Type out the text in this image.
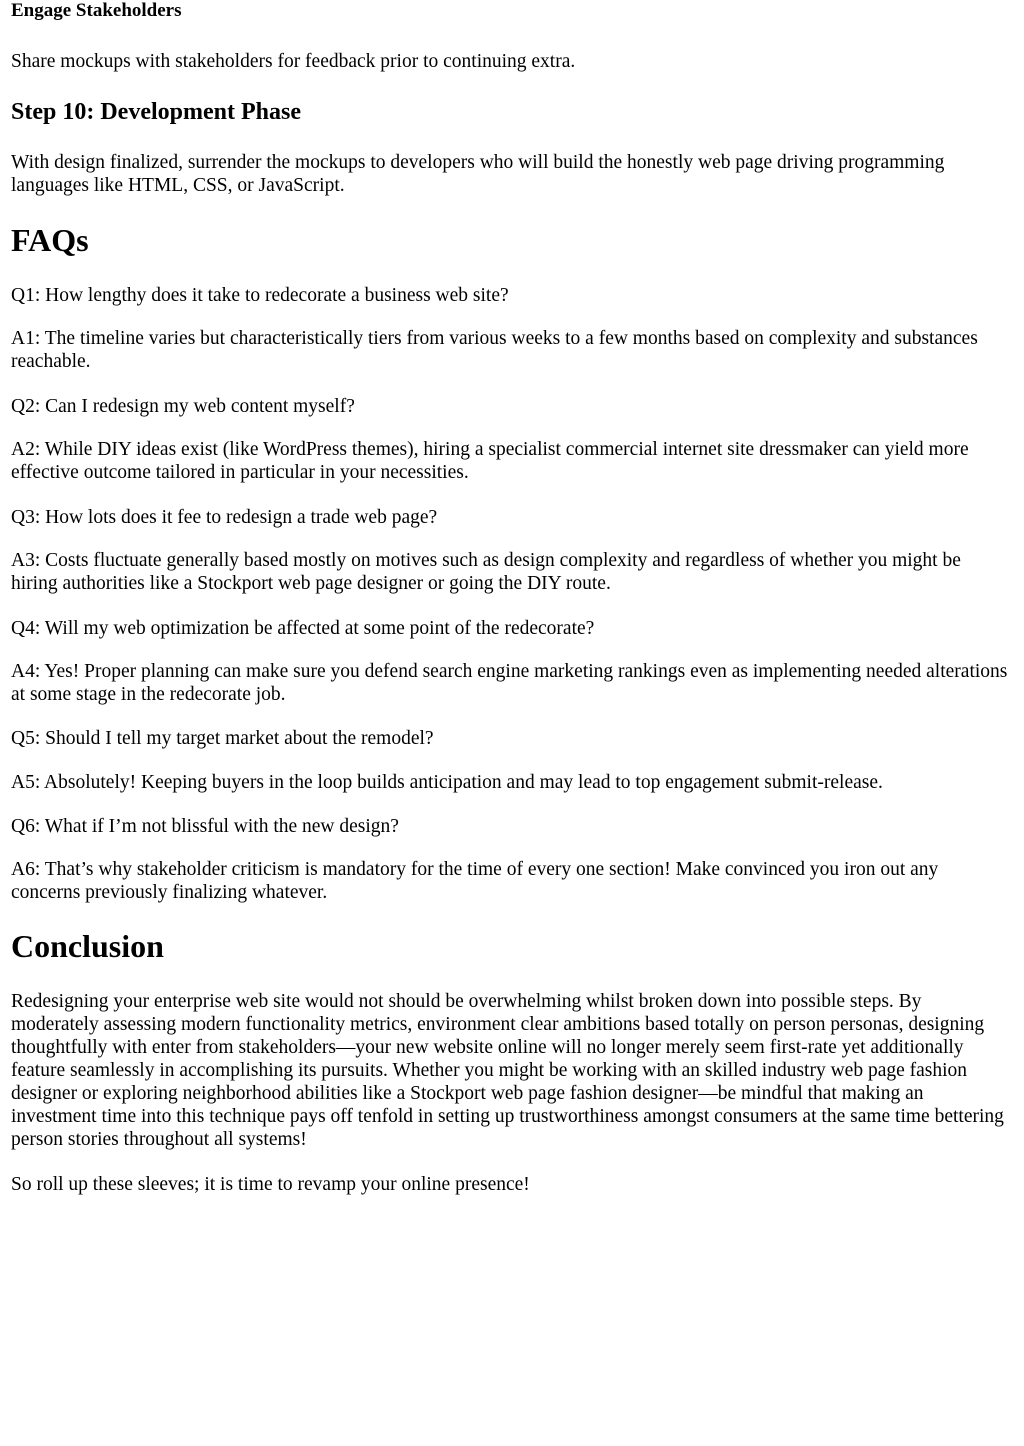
Engage Stakeholders

Share mockups with stakeholders for feedback prior to continuing extra.

Step 10: Development Phase

With design finalized, surrender the mockups to developers who will build the honestly web page driving programming languages like HTML, CSS, or JavaScript.

FAQs

Q1: How lengthy does it take to redecorate a business web site?

A1: The timeline varies but characteristically tiers from various weeks to a few months based on complexity and substances reachable.

Q2: Can I redesign my web content myself?

A2: While DIY ideas exist (like WordPress themes), hiring a specialist commercial internet site dressmaker can yield more effective outcome tailored in particular in your necessities.

Q3: How lots does it fee to redesign a trade web page?

A3: Costs fluctuate generally based mostly on motives such as design complexity and regardless of whether you might be hiring authorities like a Stockport web page designer or going the DIY route.

Q4: Will my web optimization be affected at some point of the redecorate?

A4: Yes! Proper planning can make sure you defend search engine marketing rankings even as implementing needed alterations at some stage in the redecorate job.

Q5: Should I tell my target market about the remodel?

A5: Absolutely! Keeping buyers in the loop builds anticipation and may lead to top engagement submit-release.

Q6: What if I’m not blissful with the new design?

A6: That’s why stakeholder criticism is mandatory for the time of every one section! Make convinced you iron out any concerns previously finalizing whatever.

Conclusion

Redesigning your enterprise web site would not should be overwhelming whilst broken down into possible steps. By moderately assessing modern functionality metrics, environment clear ambitions based totally on person personas, designing thoughtfully with enter from stakeholders—your new website online will no longer merely seem first-rate yet additionally feature seamlessly in accomplishing its pursuits. Whether you might be working with an skilled industry web page fashion designer or exploring neighborhood abilities like a Stockport web page fashion designer—be mindful that making an investment time into this technique pays off tenfold in setting up trustworthiness amongst consumers at the same time bettering person stories throughout all systems!

So roll up these sleeves; it is time to revamp your online presence!
